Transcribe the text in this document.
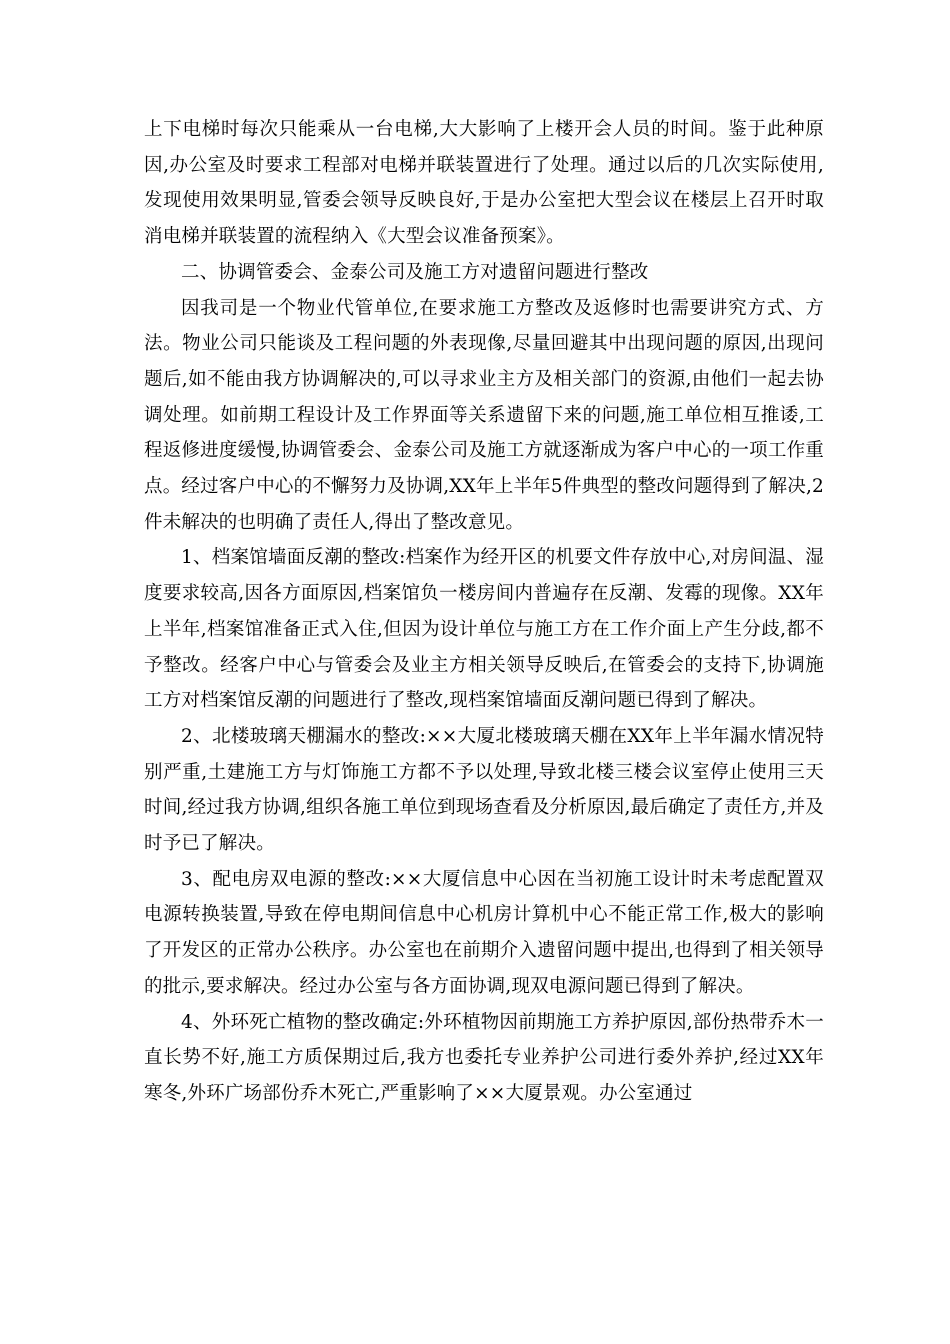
上下电梯时每次只能乘从一台电梯,大大影响了上楼开会人员的时间。鉴于此种原因,办公室及时要求工程部对电梯并联装置进行了处理。通过以后的几次实际使用,发现使用效果明显,管委会领导反映良好,于是办公室把大型会议在楼层上召开时取消电梯并联装置的流程纳入《大型会议准备预案》。

二、协调管委会、金泰公司及施工方对遗留问题进行整改

因我司是一个物业代管单位,在要求施工方整改及返修时也需要讲究方式、方法。物业公司只能谈及工程问题的外表现像,尽量回避其中出现问题的原因,出现问题后,如不能由我方协调解决的,可以寻求业主方及相关部门的资源,由他们一起去协调处理。如前期工程设计及工作界面等关系遗留下来的问题,施工单位相互推诿,工程返修进度缓慢,协调管委会、金泰公司及施工方就逐渐成为客户中心的一项工作重点。经过客户中心的不懈努力及协调,XX年上半年5件典型的整改问题得到了解决,2件未解决的也明确了责任人,得出了整改意见。

1、档案馆墙面反潮的整改:档案作为经开区的机要文件存放中心,对房间温、湿度要求较高,因各方面原因,档案馆负一楼房间内普遍存在反潮、发霉的现像。XX年上半年,档案馆准备正式入住,但因为设计单位与施工方在工作介面上产生分歧,都不予整改。经客户中心与管委会及业主方相关领导反映后,在管委会的支持下,协调施工方对档案馆反潮的问题进行了整改,现档案馆墙面反潮问题已得到了解决。

2、北楼玻璃天棚漏水的整改:××大厦北楼玻璃天棚在XX年上半年漏水情况特别严重,土建施工方与灯饰施工方都不予以处理,导致北楼三楼会议室停止使用三天时间,经过我方协调,组织各施工单位到现场查看及分析原因,最后确定了责任方,并及时予已了解决。

3、配电房双电源的整改:××大厦信息中心因在当初施工设计时未考虑配置双电源转换装置,导致在停电期间信息中心机房计算机中心不能正常工作,极大的影响了开发区的正常办公秩序。办公室也在前期介入遗留问题中提出,也得到了相关领导的批示,要求解决。经过办公室与各方面协调,现双电源问题已得到了解决。

4、外环死亡植物的整改确定:外环植物因前期施工方养护原因,部份热带乔木一直长势不好,施工方质保期过后,我方也委托专业养护公司进行委外养护,经过XX年寒冬,外环广场部份乔木死亡,严重影响了××大厦景观。办公室通过
